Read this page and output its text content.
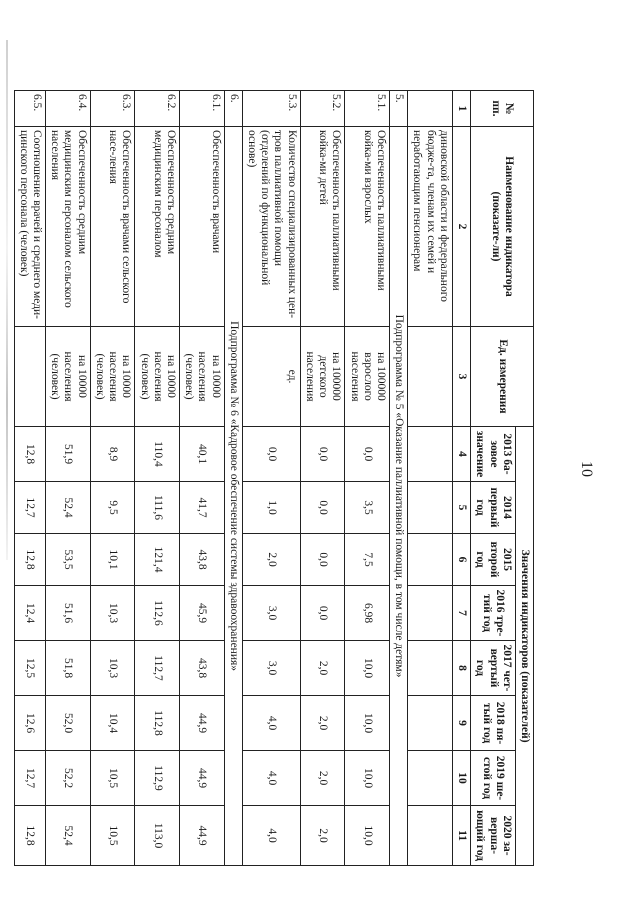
10
№ пп.	Наименование индикатора (показате-ли)	Ед. измерения	Значения индикаторов (показателей)							
			2013 ба-зовое значение	2014 первый год	2015 второй год	2016 тре-тий год	2017 чет-вертый год	2018 пя-тый год	2019 ше-стой год	2020 за-верша-ющий год
1	2	3	4	5	6	7	8	9	10	11
	диновской области и федерального бюдже-та, членам их семей и неработающим пенсионерам									
5.	Подпрограмма № 5 «Оказание паллиативной помощи, в том числе детям»									
5.1.	Обеспеченность паллиативными койка-ми взрослых	на 100000 взрослого населения	0,0	3,5	7,5	6,98	10,0	10,0	10,0	10,0
5.2.	Обеспеченность паллиативными койка-ми детей	на 100000 детского населения	0,0	0,0	0,0	0,0	2,0	2,0	2,0	2,0
5.3.	Количество специализированных цен-тров паллиативной помощи (отделений по функциональной основе)	ед.	0,0	1,0	2,0	3,0	3,0	4,0	4,0	4,0
6.	Подпрограмма № 6 «Кадровое обеспечение системы здравоохранения»									
6.1.	Обеспеченность врачами	на 10000 населения (человек)	40,1	41,7	43,8	45,9	43,8	44,9	44,9	44,9
6.2.	Обеспеченность средним медицинским персоналом	на 10000 населения (человек)	110,4	111,6	121,4	112,6	112,7	112,8	112,9	113,0
6.3.	Обеспеченность врачами сельского насе-ления	на 10000 населения (человек)	8,9	9,5	10,1	10,3	10,3	10,4	10,5	10,5
6.4.	Обеспеченность средним медицинским персоналом сельского населения	на 10000 населения (человек)	51,9	52,4	53,5	51,6	51,8	52,0	52,2	52,4
6.5.	Соотношение врачей и среднего меди-цинского персонала (человек)		12,8	12,7	12,8	12,4	12,5	12,6	12,7	12,8
